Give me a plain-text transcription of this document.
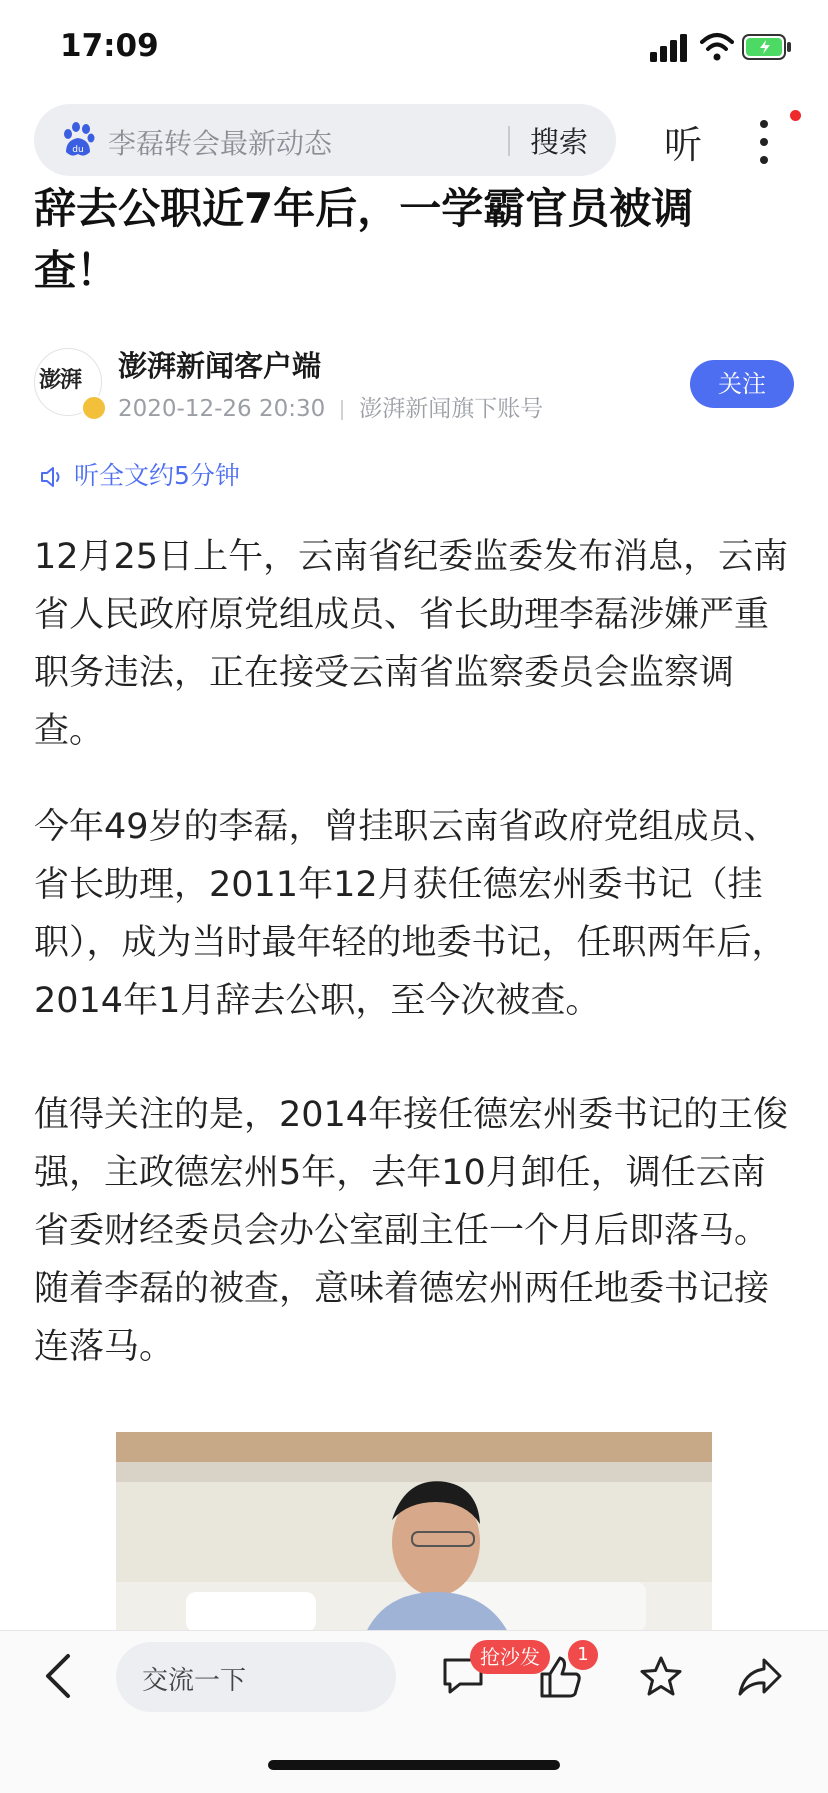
17:09
du 李磊转会最新动态	搜索 听
辞去公职近7年后，一学霸官员被调查！
澎湃 澎湃新闻客户端
2020-12-26 20:30 澎湃新闻旗下账号
关注
听全文约5分钟
12月25日上午，云南省纪委监委发布消息，云南省人民政府原党组成员、省长助理李磊涉嫌严重职务违法，正在接受云南省监察委员会监察调查。
今年49岁的李磊，曾挂职云南省政府党组成员、省长助理，2011年12月获任德宏州委书记（挂职），成为当时最年轻的地委书记，任职两年后，2014年1月辞去公职，至今次被查。
值得关注的是，2014年接任德宏州委书记的王俊强，主政德宏州5年，去年10月卸任，调任云南省委财经委员会办公室副主任一个月后即落马。随着李磊的被查，意味着德宏州两任地委书记接连落马。
交流一下
抢沙发	1
